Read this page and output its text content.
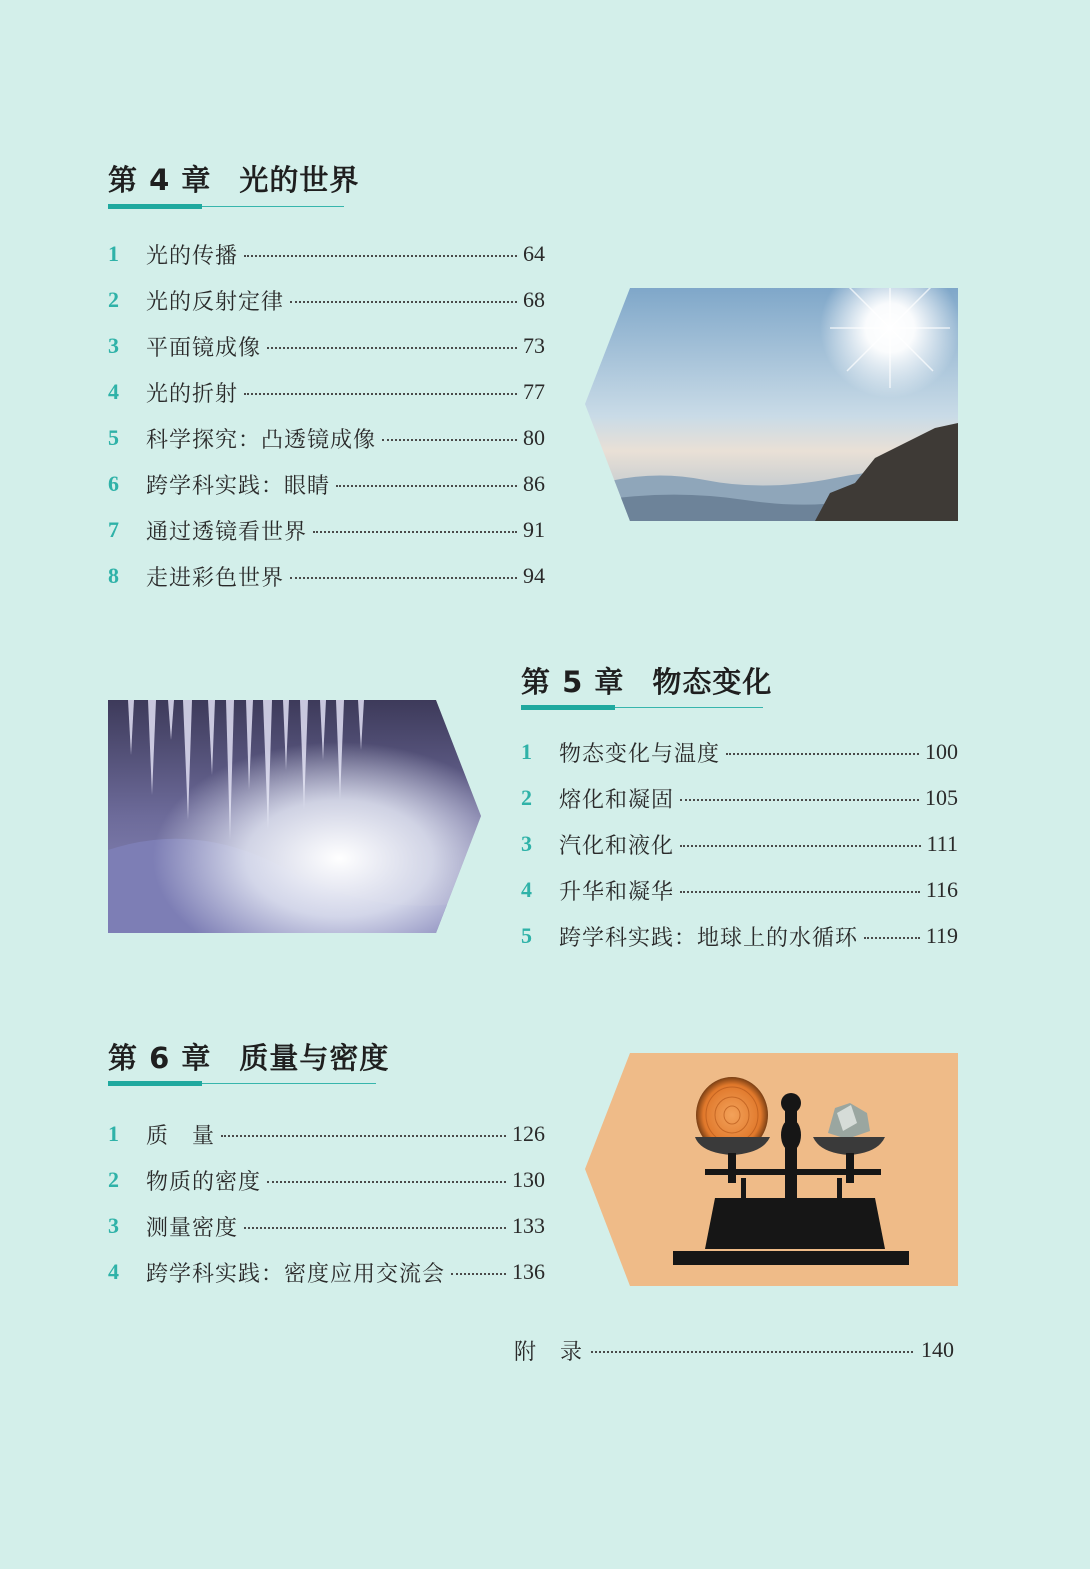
第 4 章 光的世界
1	光的传播	64
2	光的反射定律	68
3	平面镜成像	73
4	光的折射	77
5	科学探究：凸透镜成像	80
6	跨学科实践：眼睛	86
7	通过透镜看世界	91
8	走进彩色世界	94
第 5 章 物态变化
1	物态变化与温度	100
2	熔化和凝固	105
3	汽化和液化	111
4	升华和凝华	116
5	跨学科实践：地球上的水循环	119
第 6 章 质量与密度
1	质　量	126
2	物质的密度	130
3	测量密度	133
4	跨学科实践：密度应用交流会	136
附　录	140
